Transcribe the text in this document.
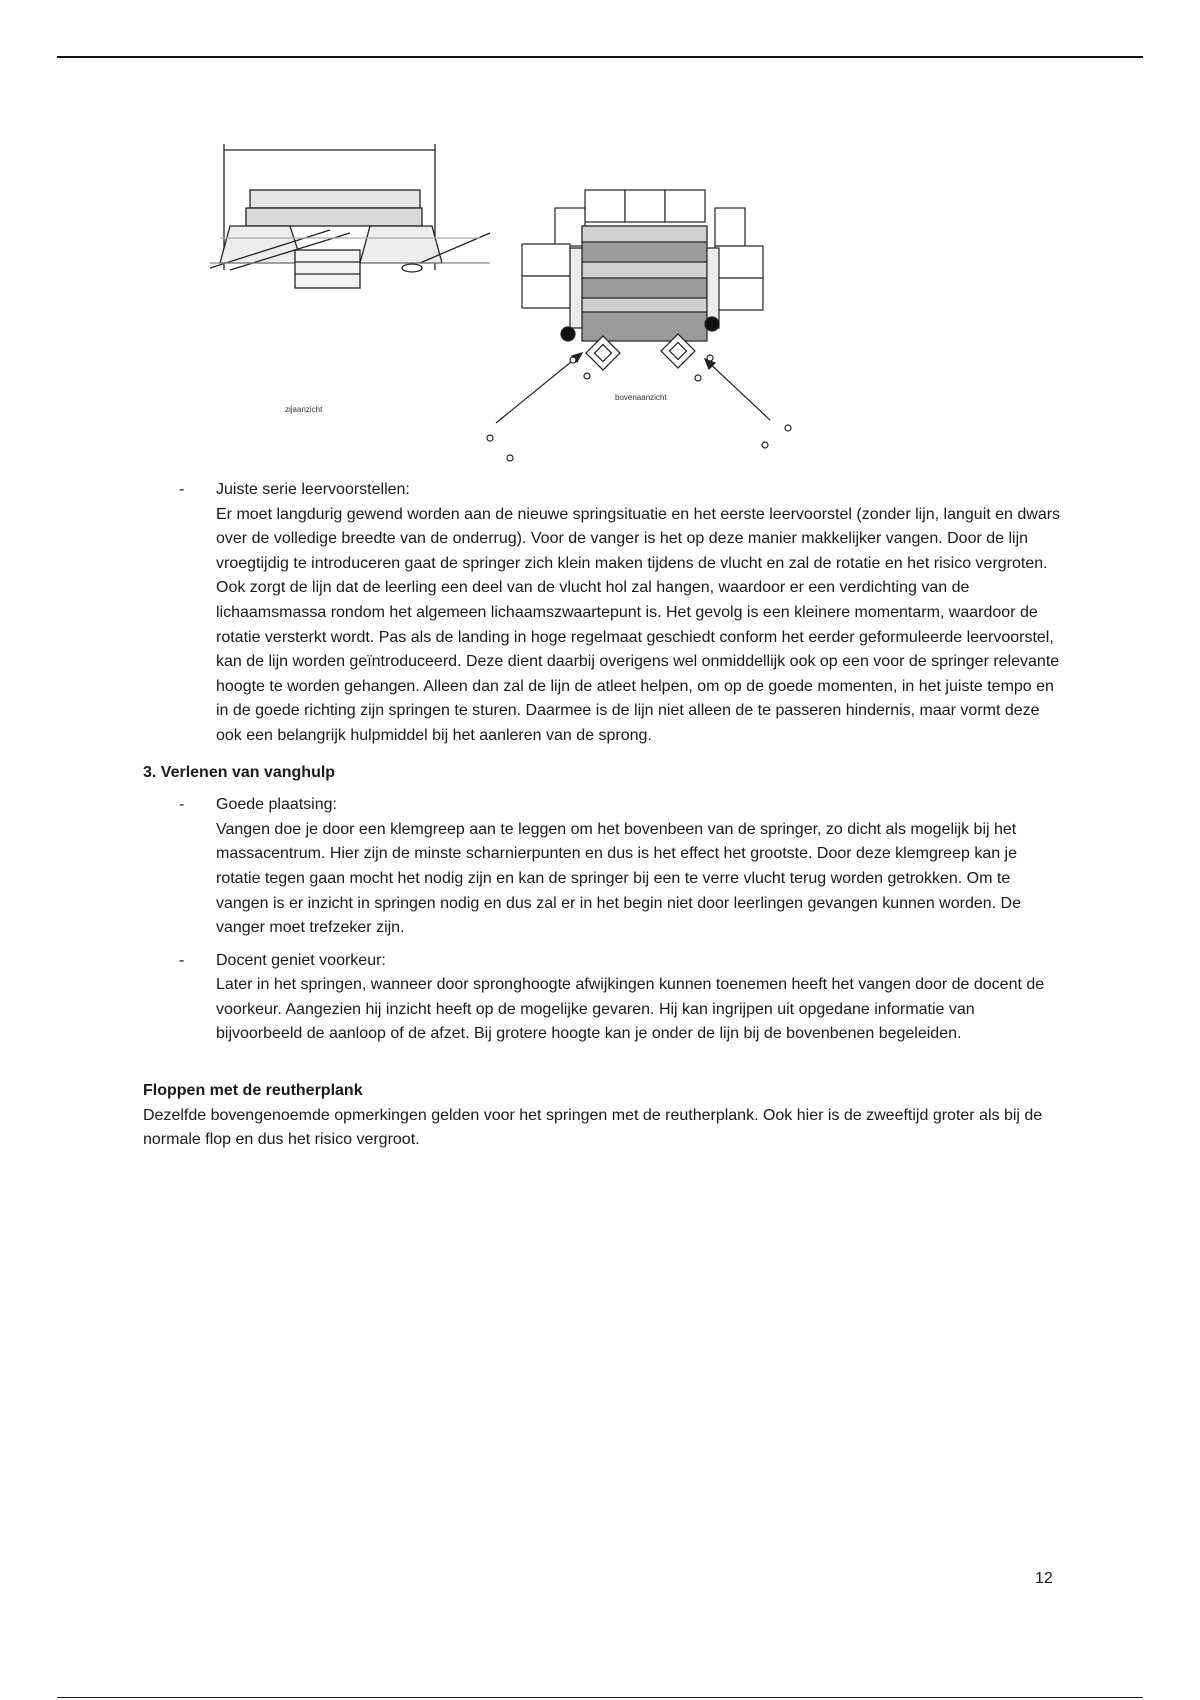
zijaanzicht
bovenaanzicht
- Juiste serie leervoorstellen:

Er moet langdurig gewend worden aan de nieuwe springsituatie en het eerste leervoorstel (zonder lijn, languit en dwars over de volledige breedte van de onderrug). Voor de vanger is het op deze manier makkelijker vangen. Door de lijn vroegtijdig te introduceren gaat de springer zich klein maken tijdens de vlucht en zal de rotatie en het risico vergroten. Ook zorgt de lijn dat de leerling een deel van de vlucht hol zal hangen, waardoor er een verdichting van de lichaamsmassa rondom het algemeen lichaamszwaartepunt is. Het gevolg is een kleinere momentarm, waardoor de rotatie versterkt wordt. Pas als de landing in hoge regelmaat geschiedt conform het eerder geformuleerde leervoorstel, kan de lijn worden geïntroduceerd. Deze dient daarbij overigens wel onmiddellijk ook op een voor de springer relevante hoogte te worden gehangen. Alleen dan zal de lijn de atleet helpen, om op de goede momenten, in het juiste tempo en in de goede richting zijn springen te sturen. Daarmee is de lijn niet alleen de te passeren hindernis, maar vormt deze ook een belangrijk hulpmiddel bij het aanleren van de sprong.

3. Verlenen van vanghulp
- Goede plaatsing:

Vangen doe je door een klemgreep aan te leggen om het bovenbeen van de springer, zo dicht als mogelijk bij het massacentrum. Hier zijn de minste scharnierpunten en dus is het effect het grootste. Door deze klemgreep kan je rotatie tegen gaan mocht het nodig zijn en kan de springer bij een te verre vlucht terug worden getrokken. Om te vangen is er inzicht in springen nodig en dus zal er in het begin niet door leerlingen gevangen kunnen worden. De vanger moet trefzeker zijn.

- Docent geniet voorkeur:

Later in het springen, wanneer door spronghoogte afwijkingen kunnen toenemen heeft het vangen door de docent de voorkeur. Aangezien hij inzicht heeft op de mogelijke gevaren. Hij kan ingrijpen uit opgedane informatie van bijvoorbeeld de aanloop of de afzet. Bij grotere hoogte kan je onder de lijn bij de bovenbenen begeleiden.

Floppen met de reutherplank

Dezelfde bovengenoemde opmerkingen gelden voor het springen met de reutherplank. Ook hier is de zweeftijd groter als bij de normale flop en dus het risico vergroot.

12
